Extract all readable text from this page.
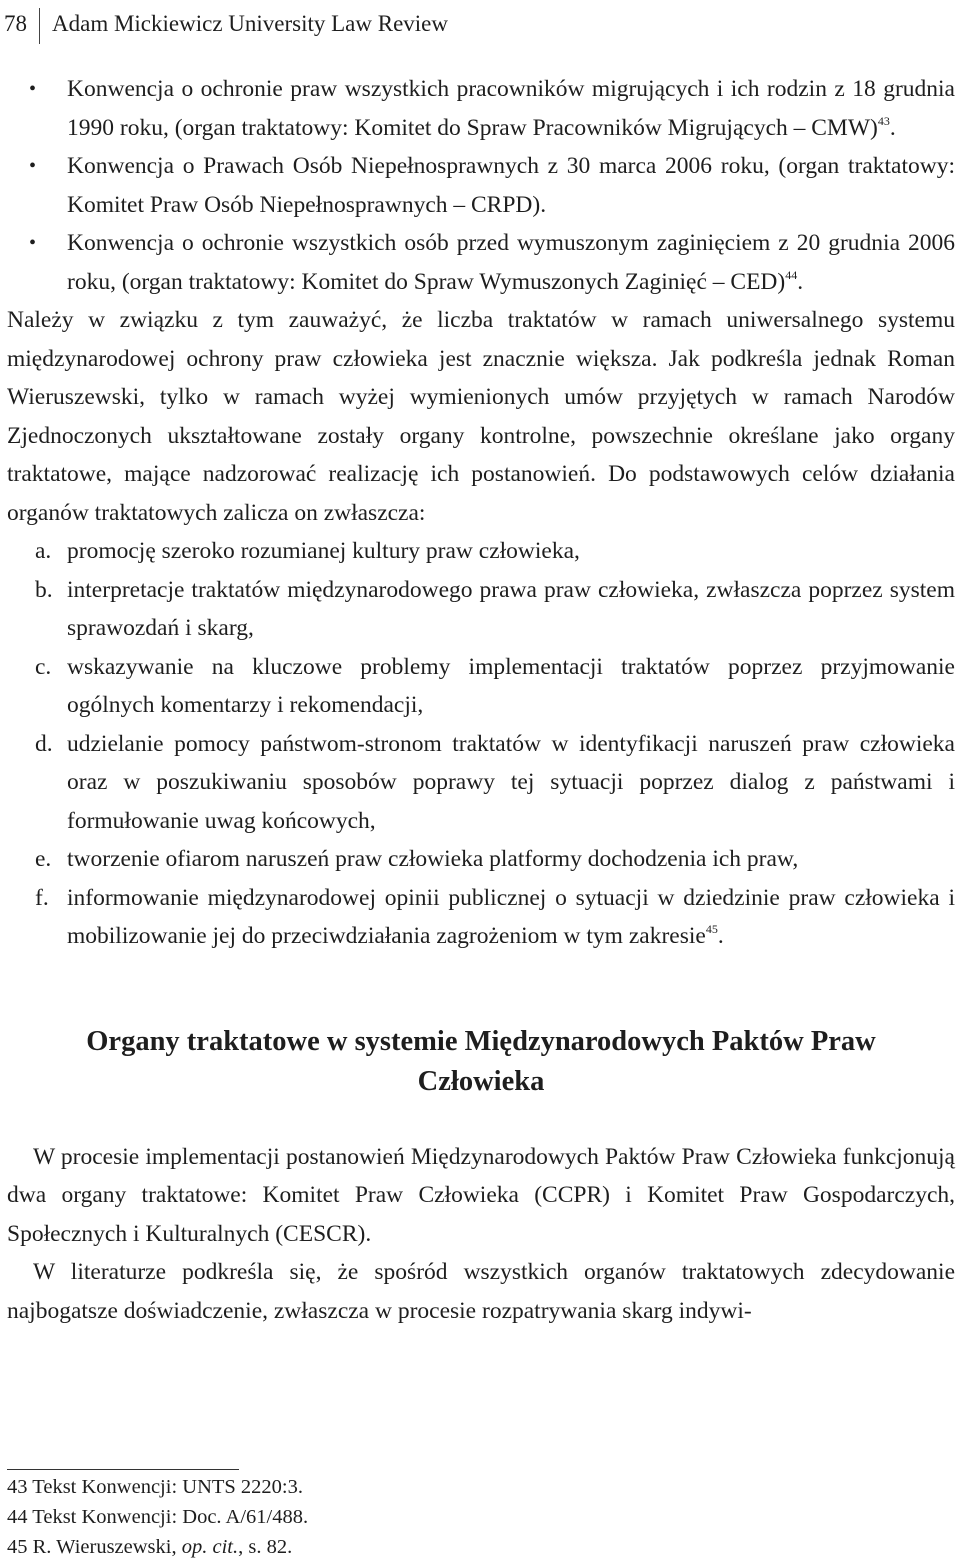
78 Adam Mickiewicz University Law Review
• Konwencja o ochronie praw wszystkich pracowników migrujących i ich rodzin z 18 grudnia 1990 roku, (organ traktatowy: Komitet do Spraw Pracowników Migrujących – CMW)$^{43}$.
• Konwencja o Prawach Osób Niepełnosprawnych z 30 marca 2006 roku, (organ traktatowy: Komitet Praw Osób Niepełnosprawnych – CRPD).
• Konwencja o ochronie wszystkich osób przed wymuszonym zaginięciem z 20 grudnia 2006 roku, (organ traktatowy: Komitet do Spraw Wymuszonych Zaginięć – CED)$^{44}$.
Należy w związku z tym zauważyć, że liczba traktatów w ramach uniwersalnego systemu międzynarodowej ochrony praw człowieka jest znacznie większa. Jak podkreśla jednak Roman Wieruszewski, tylko w ramach wyżej wymienionych umów przyjętych w ramach Narodów Zjednoczonych ukształtowane zostały organy kontrolne, powszechnie określane jako organy traktatowe, mające nadzorować realizację ich postanowień. Do podstawowych celów działania organów traktatowych zalicza on zwłaszcza:
a. promocję szeroko rozumianej kultury praw człowieka,
b. interpretacje traktatów międzynarodowego prawa praw człowieka, zwłaszcza poprzez system sprawozdań i skarg,
c. wskazywanie na kluczowe problemy implementacji traktatów poprzez przyjmowanie ogólnych komentarzy i rekomendacji,
d. udzielanie pomocy państwom-stronom traktatów w identyfikacji naruszeń praw człowieka oraz w poszukiwaniu sposobów poprawy tej sytuacji poprzez dialog z państwami i formułowanie uwag końcowych,
e. tworzenie ofiarom naruszeń praw człowieka platformy dochodzenia ich praw,
f. informowanie międzynarodowej opinii publicznej o sytuacji w dziedzinie praw człowieka i mobilizowanie jej do przeciwdziałania zagrożeniom w tym zakresie$^{45}$.
Organy traktatowe w systemie Międzynarodowych Paktów Praw Człowieka
W procesie implementacji postanowień Międzynarodowych Paktów Praw Człowieka funkcjonują dwa organy traktatowe: Komitet Praw Człowieka (CCPR) i Komitet Praw Gospodarczych, Społecznych i Kulturalnych (CESCR).
W literaturze podkreśla się, że spośród wszystkich organów traktatowych zdecydowanie najbogatsze doświadczenie, zwłaszcza w procesie rozpatrywania skarg indywi-
43 Tekst Konwencji: UNTS 2220:3.
44 Tekst Konwencji: Doc. A/61/488.
45 R. Wieruszewski, op. cit., s. 82.
